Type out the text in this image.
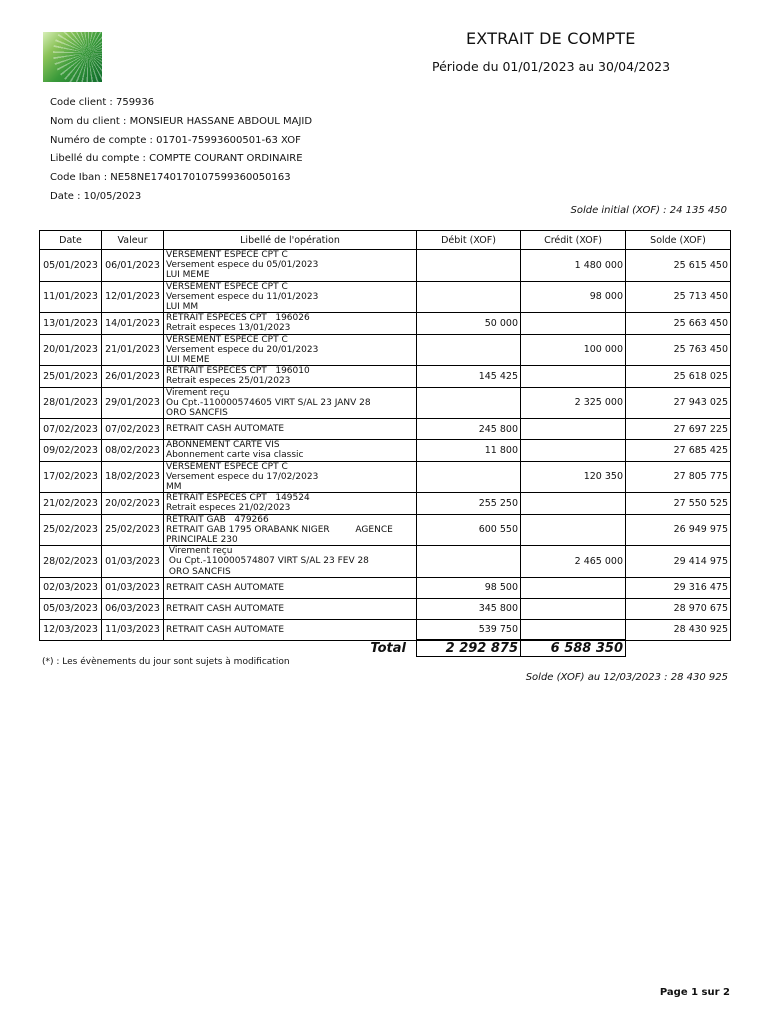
EXTRAIT DE COMPTE
Période du 01/01/2023 au 30/04/2023
Code client : 759936
Nom du client : MONSIEUR HASSANE ABDOUL MAJID
Numéro de compte : 01701-75993600501-63 XOF
Libellé du compte : COMPTE COURANT ORDINAIRE
Code Iban : NE58NE1740170107599360050163
Date : 10/05/2023
Solde initial (XOF) : 24 135 450
Date	Valeur	Libellé de l'opération	Débit (XOF)	Crédit (XOF)	Solde (XOF)
05/01/2023	06/01/2023	VERSEMENT ESPECE CPT C
Versement espece du 05/01/2023
LUI MEME		1 480 000	25 615 450
11/01/2023	12/01/2023	VERSEMENT ESPECE CPT C
Versement espece du 11/01/2023
LUI MM		98 000	25 713 450
13/01/2023	14/01/2023	RETRAIT ESPECES CPT   196026
Retrait especes 13/01/2023	50 000		25 663 450
20/01/2023	21/01/2023	VERSEMENT ESPECE CPT C
Versement espece du 20/01/2023
LUI MEME		100 000	25 763 450
25/01/2023	26/01/2023	RETRAIT ESPECES CPT   196010
Retrait especes 25/01/2023	145 425		25 618 025
28/01/2023	29/01/2023	Virement reçu
Ou Cpt.-110000574605 VIRT S/AL 23 JANV 28
ORO SANCFIS		2 325 000	27 943 025
07/02/2023	07/02/2023	RETRAIT CASH AUTOMATE	245 800		27 697 225
09/02/2023	08/02/2023	ABONNEMENT CARTE VIS
Abonnement carte visa classic	11 800		27 685 425
17/02/2023	18/02/2023	VERSEMENT ESPECE CPT C
Versement espece du 17/02/2023
MM		120 350	27 805 775
21/02/2023	20/02/2023	RETRAIT ESPECES CPT   149524
Retrait especes 21/02/2023	255 250		27 550 525
25/02/2023	25/02/2023	RETRAIT GAB   479266
RETRAIT GAB 1795 ORABANK NIGER         AGENCE
PRINCIPALE 230	600 550		26 949 975
28/02/2023	01/03/2023	Virement reçu
Ou Cpt.-110000574807 VIRT S/AL 23 FEV 28
ORO SANCFIS		2 465 000	29 414 975
02/03/2023	01/03/2023	RETRAIT CASH AUTOMATE	98 500		29 316 475
05/03/2023	06/03/2023	RETRAIT CASH AUTOMATE	345 800		28 970 675
12/03/2023	11/03/2023	RETRAIT CASH AUTOMATE	539 750		28 430 925
Total			2 292 875	6 588 350	
(*) : Les évènements du jour sont sujets à modification
Solde (XOF) au 12/03/2023 : 28 430 925
Page 1 sur 2
